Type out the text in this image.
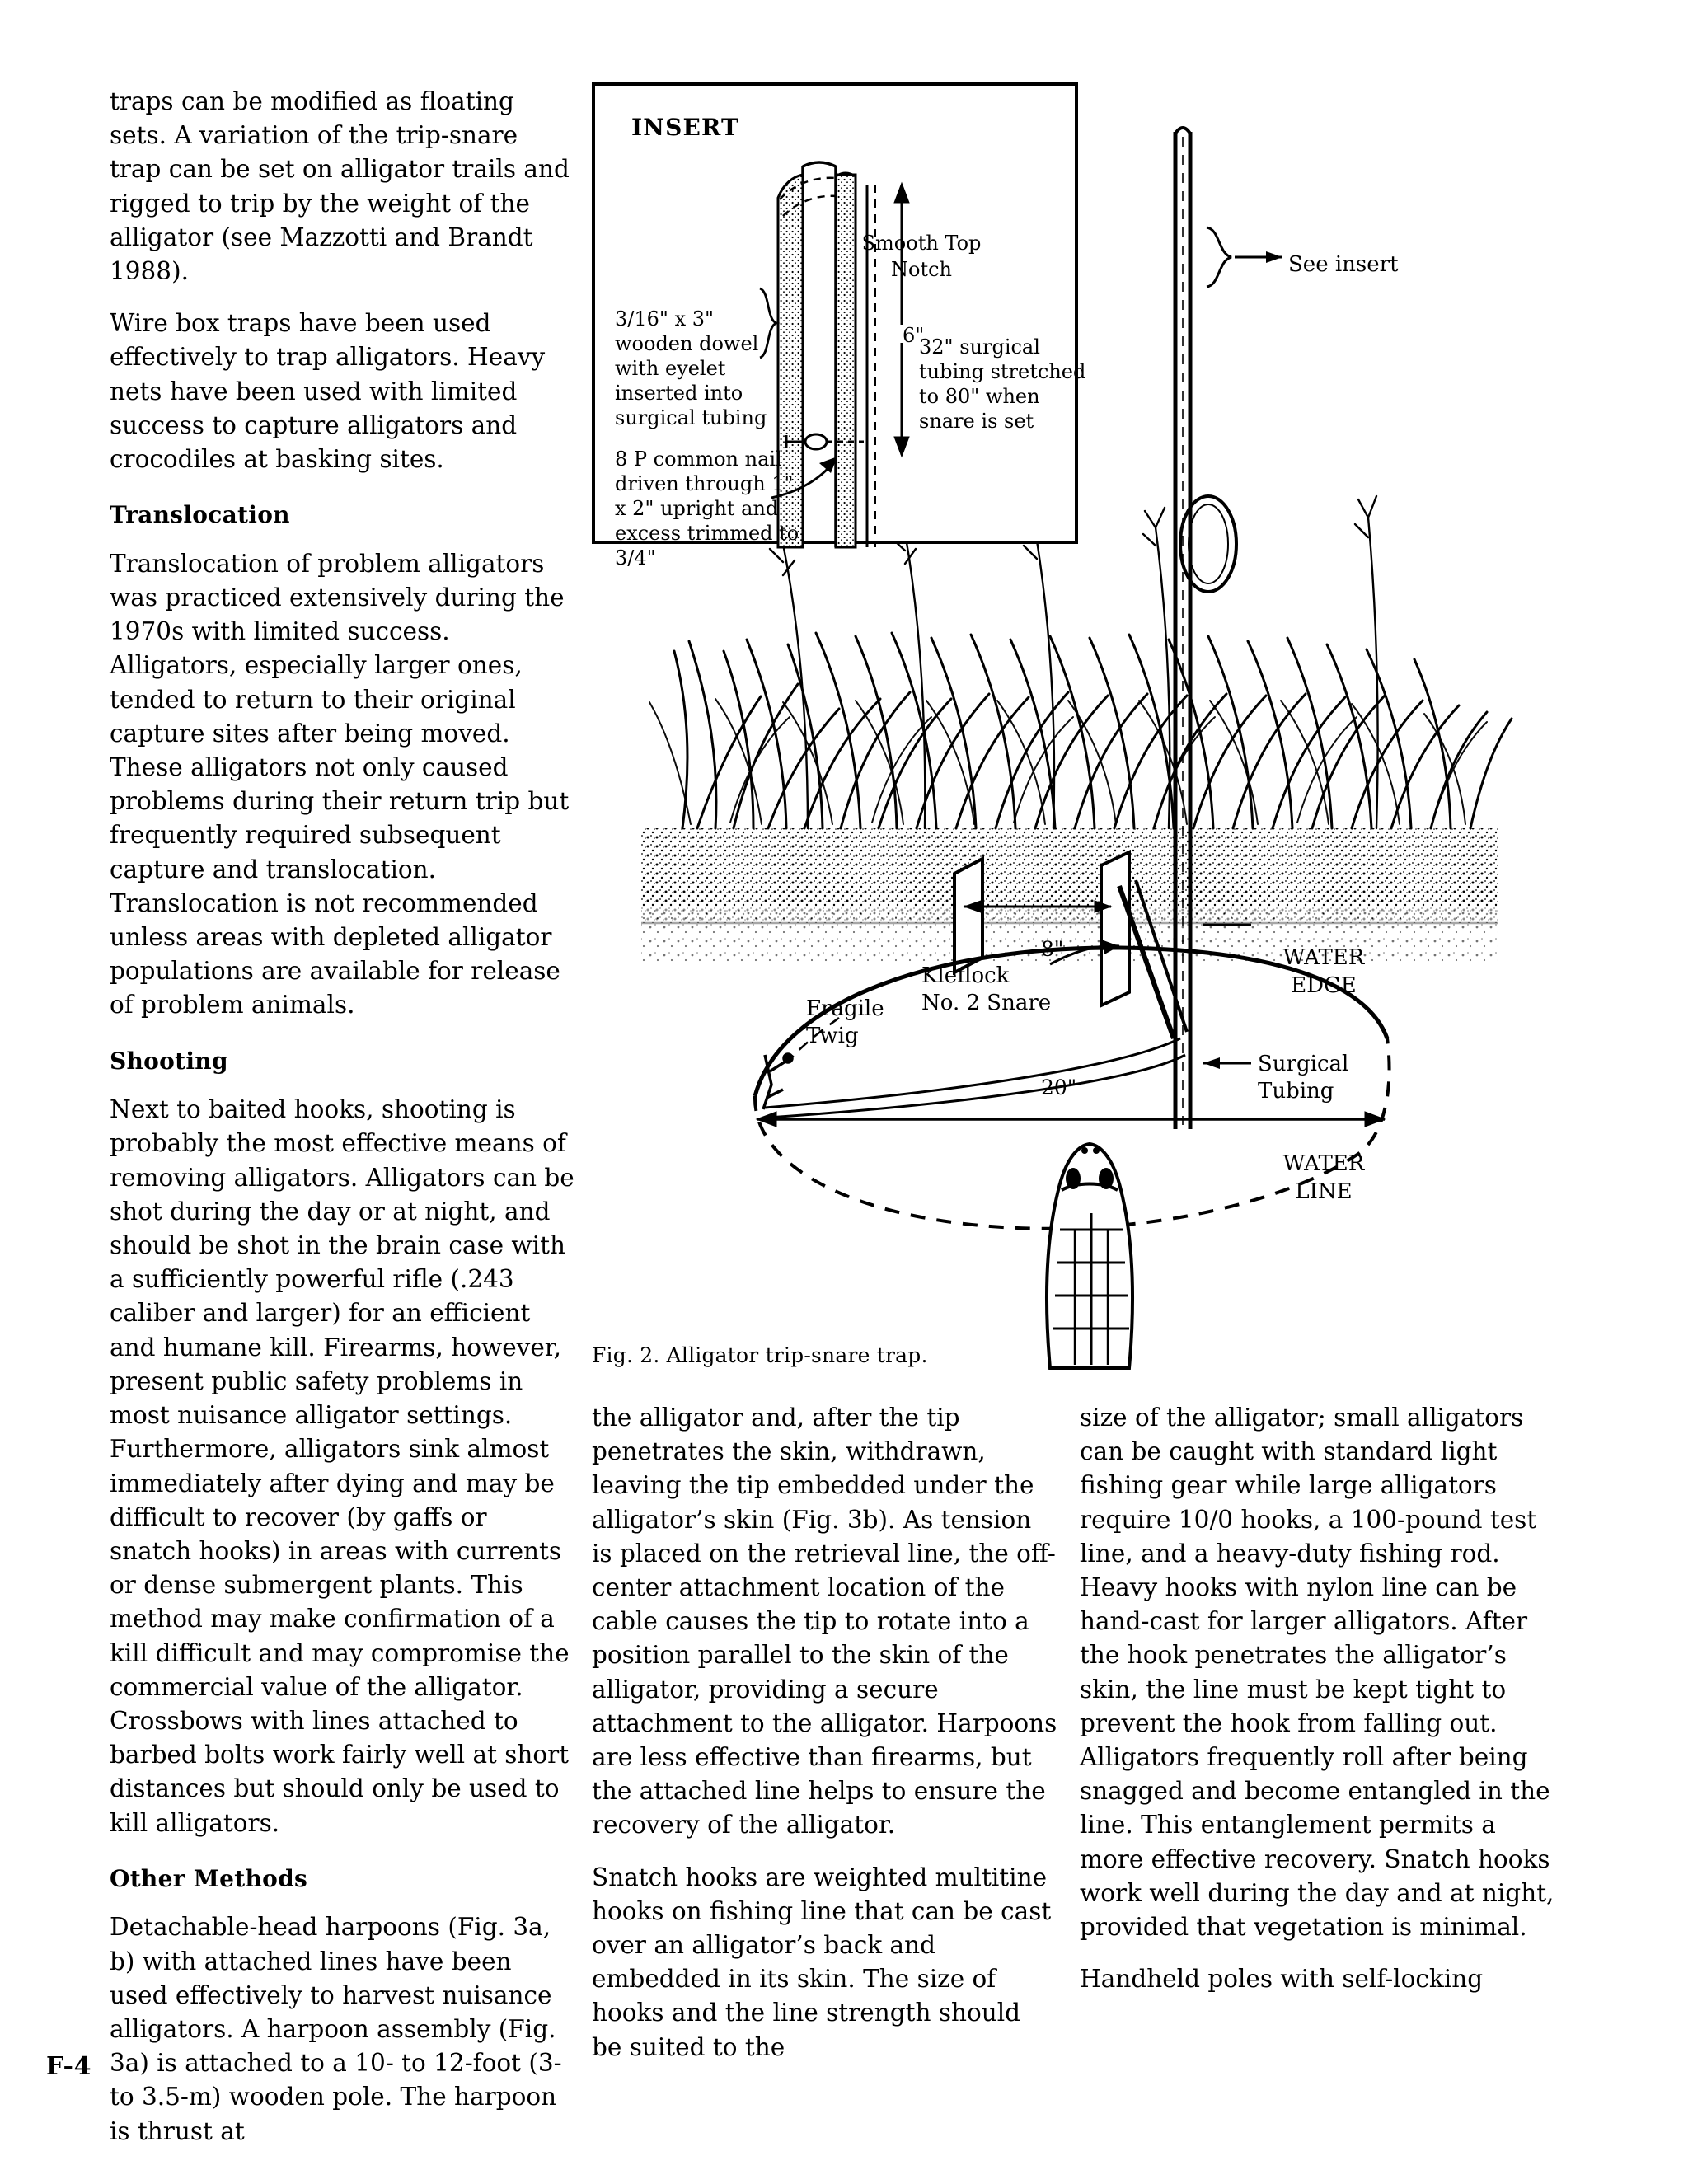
traps can be modified as floating sets. A variation of the trip-snare trap can be set on alligator trails and rigged to trip by the weight of the alligator (see Mazzotti and Brandt 1988).

Wire box traps have been used effectively to trap alligators. Heavy nets have been used with limited success to capture alligators and crocodiles at basking sites.

Translocation

Translocation of problem alligators was practiced extensively during the 1970s with limited success. Alligators, especially larger ones, tended to return to their original capture sites after being moved. These alligators not only caused problems during their return trip but frequently required subsequent capture and translocation. Translocation is not recommended unless areas with depleted alligator populations are available for release of problem animals.

Shooting

Next to baited hooks, shooting is probably the most effective means of removing alligators. Alligators can be shot during the day or at night, and should be shot in the brain case with a sufficiently powerful rifle (.243 caliber and larger) for an efficient and humane kill. Firearms, however, present public safety problems in most nuisance alligator settings. Furthermore, alligators sink almost immediately after dying and may be difficult to recover (by gaffs or snatch hooks) in areas with currents or dense submergent plants. This method may make confirmation of a kill difficult and may compromise the commercial value of the alligator. Crossbows with lines attached to barbed bolts work fairly well at short distances but should only be used to kill alligators.

Other Methods

Detachable-head harpoons (Fig. 3a, b) with attached lines have been used effectively to harvest nuisance alligators. A harpoon assembly (Fig. 3a) is attached to a 10- to 12-foot (3- to 3.5-m) wooden pole. The harpoon is thrust at

INSERT
Smooth Top
Notch
3/16" x 3" wooden dowel with eyelet inserted into surgical tubing
8 P common nail driven through 1" x 2" upright and excess trimmed to 3/4"
6"
32" surgical tubing stretched to 80" when snare is set
See insert
WATER
EDGE
Surgical
Tubing
WATER
LINE
Kleflock
No. 2 Snare
Fragile
Twig
8"
20"
Fig. 2. Alligator trip-snare trap.

the alligator and, after the tip penetrates the skin, withdrawn, leaving the tip embedded under the alligator’s skin (Fig. 3b). As tension is placed on the retrieval line, the off-center attachment location of the cable causes the tip to rotate into a position parallel to the skin of the alligator, providing a secure attachment to the alligator. Harpoons are less effective than firearms, but the attached line helps to ensure the recovery of the alligator.

Snatch hooks are weighted multitine hooks on fishing line that can be cast over an alligator’s back and embedded in its skin. The size of hooks and the line strength should be suited to the

size of the alligator; small alligators can be caught with standard light fishing gear while large alligators require 10/0 hooks, a 100-pound test line, and a heavy-duty fishing rod. Heavy hooks with nylon line can be hand-cast for larger alligators. After the hook penetrates the alligator’s skin, the line must be kept tight to prevent the hook from falling out. Alligators frequently roll after being snagged and become entangled in the line. This entanglement permits a more effective recovery. Snatch hooks work well during the day and at night, provided that vegetation is minimal.

Handheld poles with self-locking

F-4
